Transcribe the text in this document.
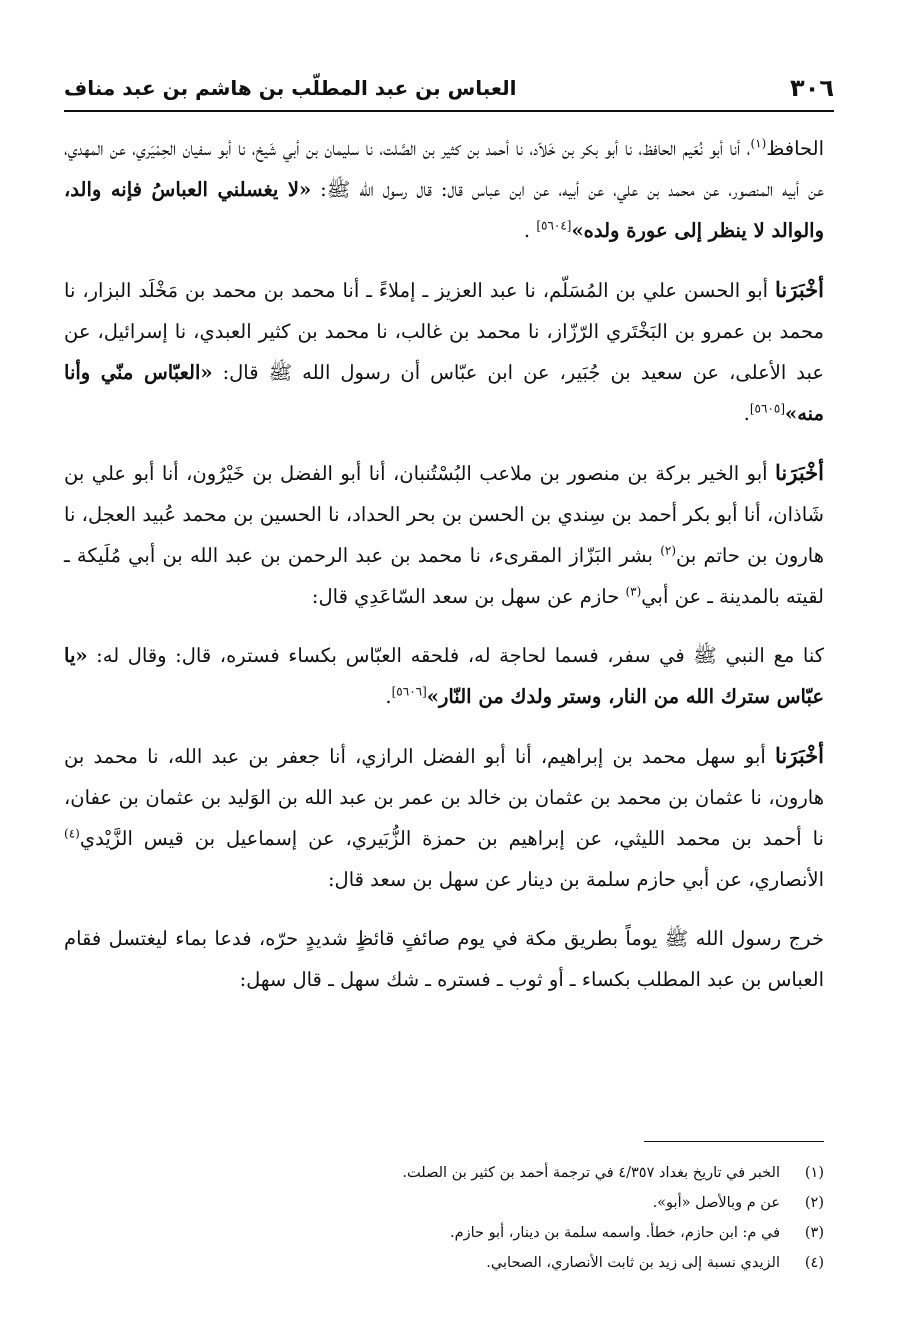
٣٠٦
العباس بن عبد المطلّب بن هاشم بن عبد مناف

الحافظ$^{(١)}$، أنا أبو نُعَيم الحافظ، نا أبو بكر بن خَلاّد، نا أحمد بن كثير بن الصَّلت، نا سليمان بن أبي شَيخ، نا أبو سفيان الحِمْيَري، عن المهدي، عن أبيه المنصور، عن محمد بن علي، عن أبيه، عن ابن عباس قال: قال رسول الله ﷺ: «لا يغسلني العباسُ فإنه والد، والوالد لا ينظر إلى عورة ولده»[٥٦٠٤] .

أخْبَرَنا أبو الحسن علي بن المُسَلّم، نا عبد العزيز ـ إملاءً ـ أنا محمد بن محمد بن مَخْلَد البزار، نا محمد بن عمرو بن البَخْتَري الرّزّاز، نا محمد بن غالب، نا محمد بن كثير العبدي، نا إسرائيل، عن عبد الأعلى، عن سعيد بن جُبَير، عن ابن عبّاس أن رسول الله ﷺ قال: «العبّاس منّي وأنا منه»[٥٦٠٥].

أخْبَرَنا أبو الخير بركة بن منصور بن ملاعب البُسْتُنبان، أنا أبو الفضل بن خَيْرُون، أنا أبو علي بن شَاذان، أنا أبو بكر أحمد بن سِندي بن الحسن بن بحر الحداد، نا الحسين بن محمد عُبيد العجل، نا هارون بن حاتم بن$^{(٢)}$ بشر البَزّاز المقرىء، نا محمد بن عبد الرحمن بن عبد الله بن أبي مُلَيكة ـ لقيته بالمدينة ـ عن أبي$^{(٣)}$ حازم عن سهل بن سعد السّاعَدِي قال:

كنا مع النبي ﷺ في سفر، فسما لحاجة له، فلحقه العبّاس بكساء فستره، قال: وقال له: «يا عبّاس سترك الله من النار، وستر ولدك من النّار»[٥٦٠٦].

أخْبَرَنا أبو سهل محمد بن إبراهيم، أنا أبو الفضل الرازي، أنا جعفر بن عبد الله، نا محمد بن هارون، نا عثمان بن محمد بن عثمان بن خالد بن عمر بن عبد الله بن الوَليد بن عثمان بن عفان، نا أحمد بن محمد الليثي، عن إبراهيم بن حمزة الزُّبَيري، عن إسماعيل بن قيس الزَّيْدي$^{(٤)}$ الأنصاري، عن أبي حازم سلمة بن دينار عن سهل بن سعد قال:

خرج رسول الله ﷺ يوماً بطريق مكة في يوم صائفٍ قائظٍ شديدٍ حرّه، فدعا بماء ليغتسل فقام العباس بن عبد المطلب بكساء ـ أو ثوب ـ فستره ـ شك سهل ـ قال سهل:

(١)
الخبر في تاريخ بغداد ٤/٣٥٧ في ترجمة أحمد بن كثير بن الصلت.
(٢)
عن م وبالأصل «أبو».
(٣)
في م: ابن حازم، خطأ. واسمه سلمة بن دينار، أبو حازم.
(٤)
الزيدي نسبة إلى زيد بن ثابت الأنصاري، الصحابي.
